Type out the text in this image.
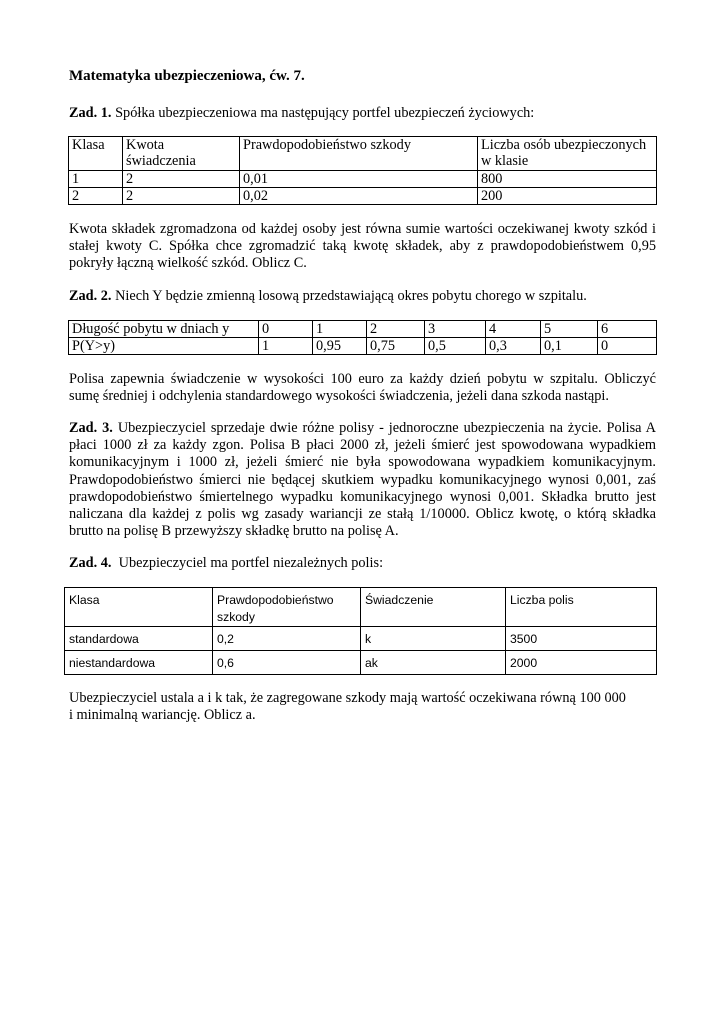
Matematyka ubezpieczeniowa, ćw. 7.
Zad. 1. Spółka ubezpieczeniowa ma następujący portfel ubezpieczeń życiowych:
Klasa	Kwota świadczenia	Prawdopodobieństwo szkody	Liczba osób ubezpieczonych w klasie
1	2	0,01	800
2	2	0,02	200
Kwota składek zgromadzona od każdej osoby jest równa sumie wartości oczekiwanej kwoty szkód i
stałej kwoty C. Spółka chce zgromadzić taką kwotę składek, aby z prawdopodobieństwem 0,95
pokryły łączną wielkość szkód. Oblicz C.
Zad. 2. Niech Y będzie zmienną losową przedstawiającą okres pobytu chorego w szpitalu.
Długość pobytu w dniach y	0	1	2	3	4	5	6
P(Y>y)	1	0,95	0,75	0,5	0,3	0,1	0
Polisa zapewnia świadczenie w wysokości 100 euro za każdy dzień pobytu w szpitalu. Obliczyć
sumę średniej i odchylenia standardowego wysokości świadczenia, jeżeli dana szkoda nastąpi.
Zad. 3. Ubezpieczyciel sprzedaje dwie różne polisy - jednoroczne ubezpieczenia na życie. Polisa A
płaci 1000 zł za każdy zgon. Polisa B płaci 2000 zł, jeżeli śmierć jest spowodowana wypadkiem
komunikacyjnym i 1000 zł, jeżeli śmierć nie była spowodowana wypadkiem komunikacyjnym.
Prawdopodobieństwo śmierci nie będącej skutkiem wypadku komunikacyjnego wynosi 0,001, zaś
prawdopodobieństwo śmiertelnego wypadku komunikacyjnego wynosi 0,001. Składka brutto jest
naliczana dla każdej z polis wg zasady wariancji ze stałą 1/10000. Oblicz kwotę, o którą składka
brutto na polisę B przewyższy składkę brutto na polisę A.
Zad. 4. Ubezpieczyciel ma portfel niezależnych polis:
Klasa	Prawdopodobieństwo szkody	Świadczenie	Liczba polis
standardowa	0,2	k	3500
niestandardowa	0,6	ak	2000
Ubezpieczyciel ustala a i k tak, że zagregowane szkody mają wartość oczekiwana równą 100 000
i minimalną wariancję. Oblicz a.
